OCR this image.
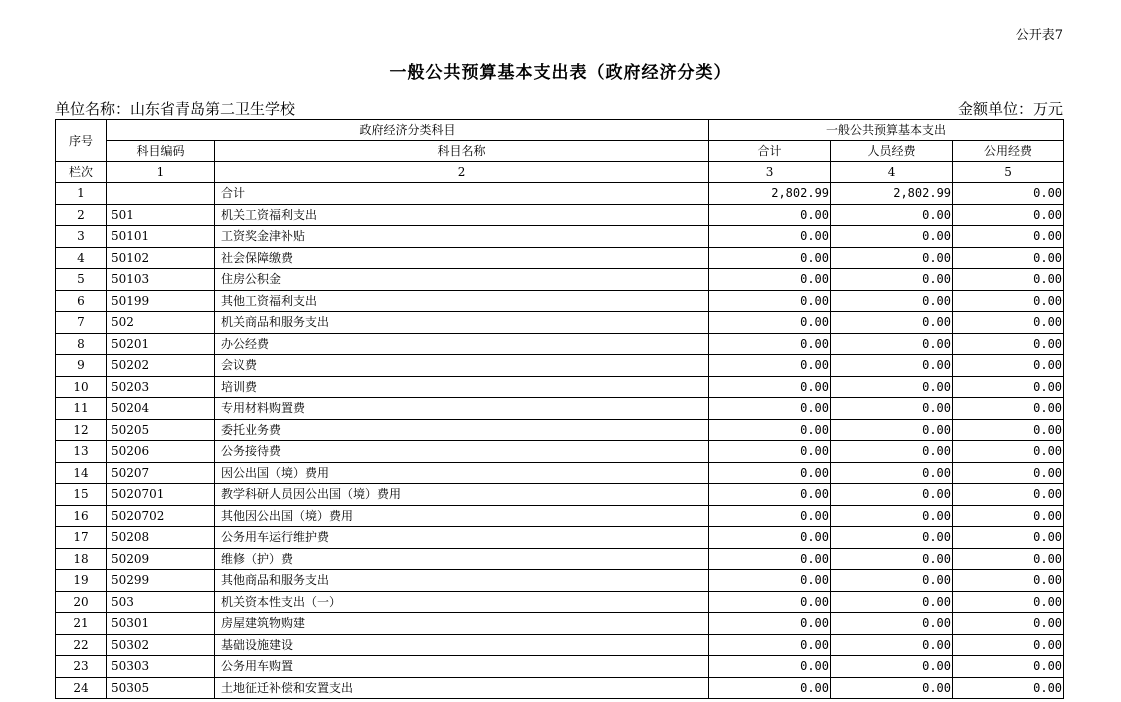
公开表7
一般公共预算基本支出表（政府经济分类）
单位名称：山东省青岛第二卫生学校	金额单位：万元
序号	政府经济分类科目		一般公共预算基本支出		
	科目编码	科目名称	合计	人员经费	公用经费
栏次	1	2	3	4	5
1		合计	2,802.99	2,802.99	0.00
2	501	机关工资福利支出	0.00	0.00	0.00
3	50101	工资奖金津补贴	0.00	0.00	0.00
4	50102	社会保障缴费	0.00	0.00	0.00
5	50103	住房公积金	0.00	0.00	0.00
6	50199	其他工资福利支出	0.00	0.00	0.00
7	502	机关商品和服务支出	0.00	0.00	0.00
8	50201	办公经费	0.00	0.00	0.00
9	50202	会议费	0.00	0.00	0.00
10	50203	培训费	0.00	0.00	0.00
11	50204	专用材料购置费	0.00	0.00	0.00
12	50205	委托业务费	0.00	0.00	0.00
13	50206	公务接待费	0.00	0.00	0.00
14	50207	因公出国（境）费用	0.00	0.00	0.00
15	5020701	教学科研人员因公出国（境）费用	0.00	0.00	0.00
16	5020702	其他因公出国（境）费用	0.00	0.00	0.00
17	50208	公务用车运行维护费	0.00	0.00	0.00
18	50209	维修（护）费	0.00	0.00	0.00
19	50299	其他商品和服务支出	0.00	0.00	0.00
20	503	机关资本性支出（一）	0.00	0.00	0.00
21	50301	房屋建筑物购建	0.00	0.00	0.00
22	50302	基础设施建设	0.00	0.00	0.00
23	50303	公务用车购置	0.00	0.00	0.00
24	50305	土地征迁补偿和安置支出	0.00	0.00	0.00
